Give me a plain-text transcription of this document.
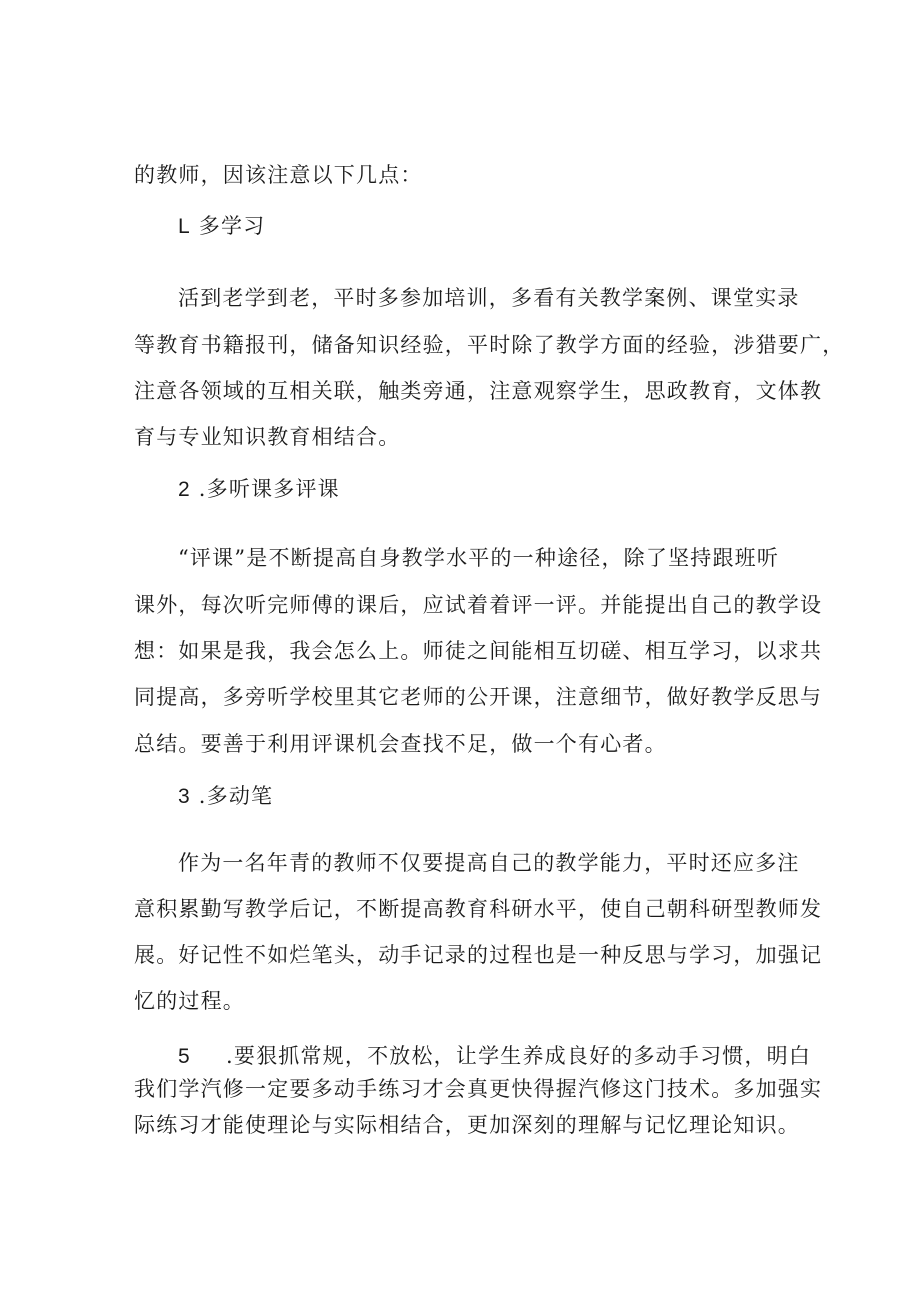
的教师，因该注意以下几点：
L 多学习
活到老学到老，平时多参加培训，多看有关教学案例、课堂实录
等教育书籍报刊，储备知识经验，平时除了教学方面的经验，涉猎要广，
注意各领域的互相关联，触类旁通，注意观察学生，思政教育，文体教
育与专业知识教育相结合。
2 .多听课多评课
“评课”是不断提高自身教学水平的一种途径，除了坚持跟班听
课外，每次听完师傅的课后，应试着着评一评。并能提出自己的教学设
想：如果是我，我会怎么上。师徒之间能相互切磋、相互学习，以求共
同提高，多旁听学校里其它老师的公开课，注意细节，做好教学反思与
总结。要善于利用评课机会查找不足，做一个有心者。
3 .多动笔
作为一名年青的教师不仅要提高自己的教学能力，平时还应多注
意积累勤写教学后记，不断提高教育科研水平，使自己朝科研型教师发
展。好记性不如烂笔头，动手记录的过程也是一种反思与学习，加强记
忆的过程。
5 .要狠抓常规，不放松，让学生养成良好的多动手习惯，明白
我们学汽修一定要多动手练习才会真更快得握汽修这门技术。多加强实
际练习才能使理论与实际相结合，更加深刻的理解与记忆理论知识。
